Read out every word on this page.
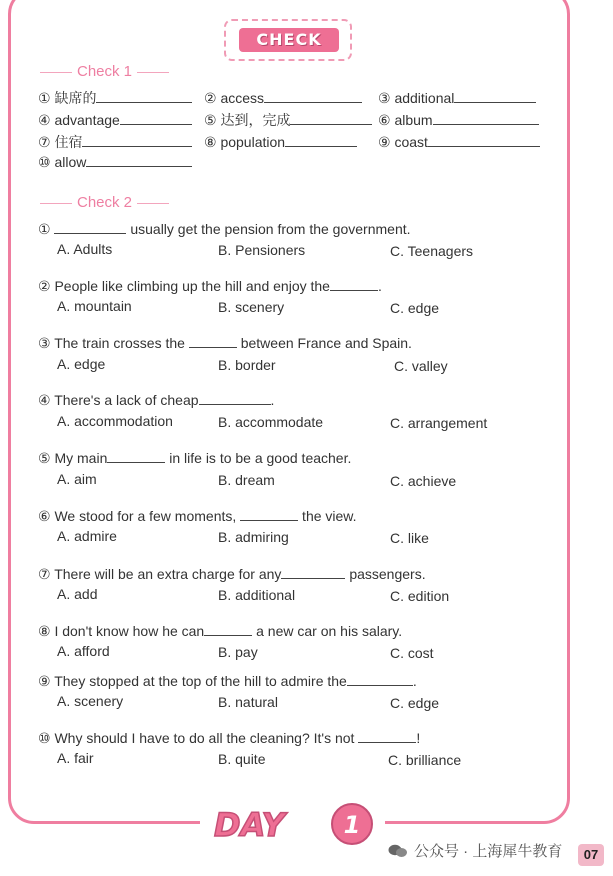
CHECK
Check 1
① 缺席的	② access	③ additional
④ advantage	⑤ 达到，完成	⑥ album
⑦ 住宿	⑧ population	⑨ coast
⑩ allow
Check 2
①	usually get the pension from the government.
A. Adults	B. Pensioners	C. Teenagers
② People like climbing up the hill and enjoy the	.
A. mountain	B. scenery	C. edge
③ The train crosses the	between France and Spain.
A. edge	B. border	C. valley
④ There's a lack of cheap	.
A. accommodation	B. accommodate	C. arrangement
⑤ My main	in life is to be a good teacher.
A. aim	B. dream	C. achieve
⑥ We stood for a few moments,	the view.
A. admire	B. admiring	C. like
⑦ There will be an extra charge for any	passengers.
A. add	B. additional	C. edition
⑧ I don't know how he can	a new car on his salary.
A. afford	B. pay	C. cost
⑨ They stopped at the top of the hill to admire the	.
A. scenery	B. natural	C. edge
⑩ Why should I have to do all the cleaning? It's not	!
A. fair	B. quite	C. brilliance
DAY 1
公众号 · 上海犀牛教育	07
